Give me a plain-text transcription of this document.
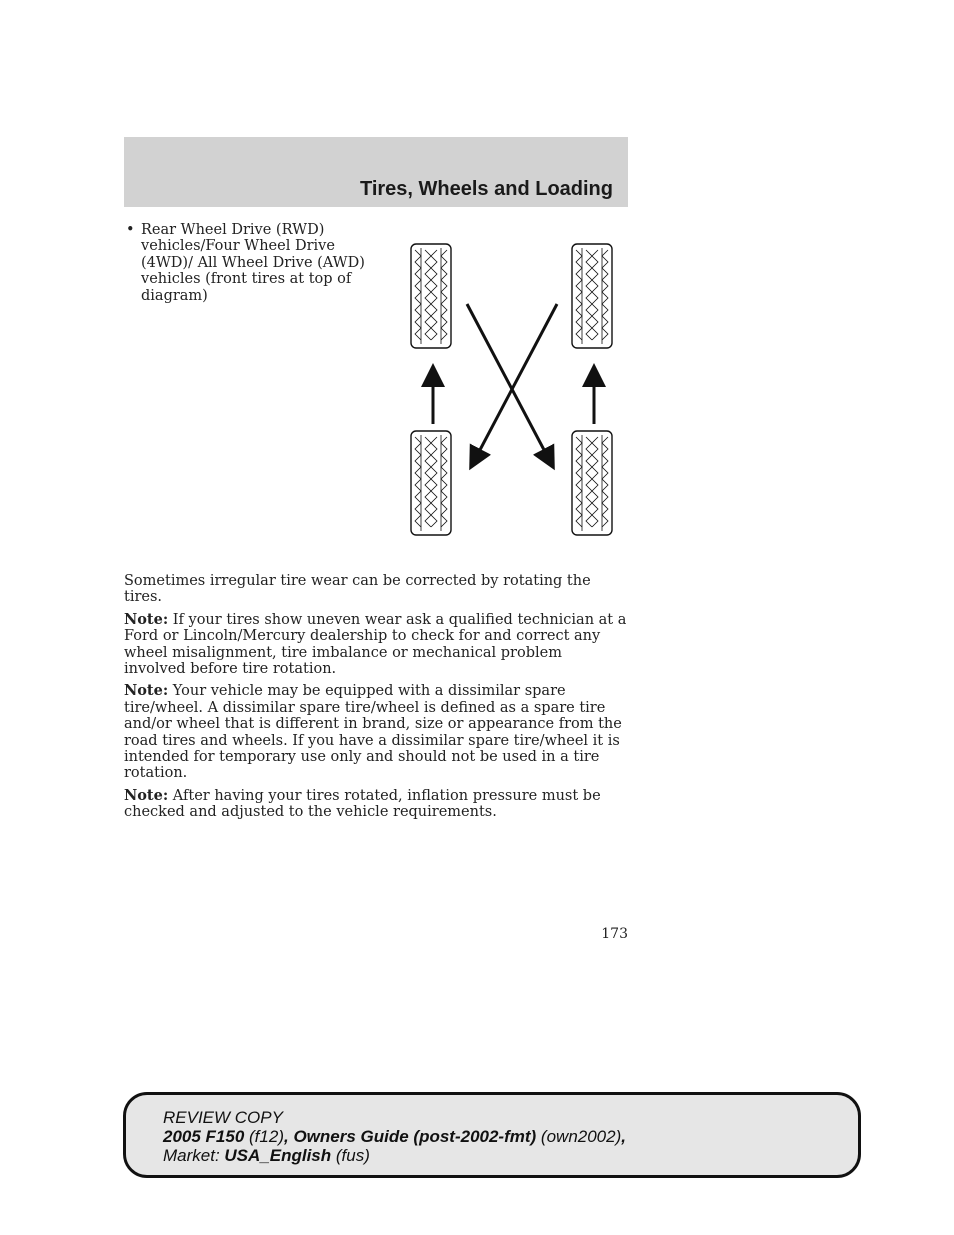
Tires, Wheels and Loading
• Rear Wheel Drive (RWD) vehicles/Four Wheel Drive (4WD)/ All Wheel Drive (AWD) vehicles (front tires at top of diagram)

Sometimes irregular tire wear can be corrected by rotating the tires.

Note: If your tires show uneven wear ask a qualified technician at a Ford or Lincoln/Mercury dealership to check for and correct any wheel misalignment, tire imbalance or mechanical problem involved before tire rotation.

Note: Your vehicle may be equipped with a dissimilar spare tire/wheel. A dissimilar spare tire/wheel is defined as a spare tire and/or wheel that is different in brand, size or appearance from the road tires and wheels. If you have a dissimilar spare tire/wheel it is intended for temporary use only and should not be used in a tire rotation.

Note: After having your tires rotated, inflation pressure must be checked and adjusted to the vehicle requirements.

173
REVIEW COPY
2005 F150 (f12), Owners Guide (post-2002-fmt) (own2002),
Market: USA_English (fus)
